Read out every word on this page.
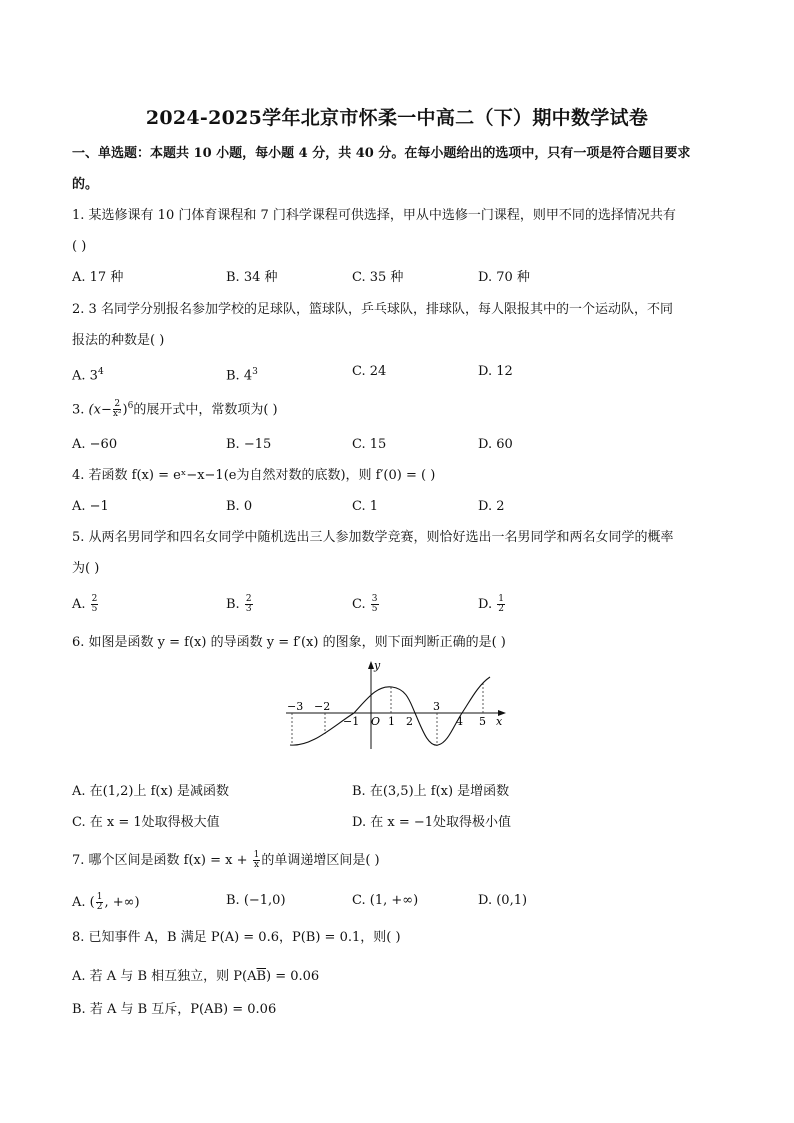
2024-2025学年北京市怀柔一中高二（下）期中数学试卷
一、单选题：本题共 10 小题，每小题 4 分，共 40 分。在每小题给出的选项中，只有一项是符合题目要求
的。
1. 某选修课有 10 门体育课程和 7 门科学课程可供选择，甲从中选修一门课程，则甲不同的选择情况共有
( )
A. 17 种	B. 34 种	C. 35 种	D. 70 种
2. 3 名同学分别报名参加学校的足球队，篮球队，乒乓球队，排球队，每人限报其中的一个运动队，不同
报法的种数是( )
A. $3^4$	B. $4^3$	C. 24	D. 12
3. $(x- \frac{2}{\text{x²}} )^6$的展开式中，常数项为( )
A. −60	B. −15	C. 15	D. 60
4. 若函数 f(x) = eˣ−x−1(e为自然对数的底数)，则 f′(0) = ( )
A. −1	B. 0	C. 1	D. 2
5. 从两名男同学和四名女同学中随机选出三人参加数学竞赛，则恰好选出一名男同学和两名女同学的概率
为( )
A. $\frac{2}{5}$	B. $\frac{2}{3}$	C. $\frac{3}{5}$	D. $\frac{1}{2}$
6. 如图是函数 y = f(x) 的导函数 y = f′(x) 的图象，则下面判断正确的是( )
y
x
O
−3 −2
−1	1 2
3
4 5
A. 在(1,2)上 f(x) 是减函数	B. 在(3,5)上 f(x) 是增函数
C. 在 x = 1处取得极大值	D. 在 x = −1处取得极小值
7. 哪个区间是函数 $f(x) = x + \frac{1}{x}$ 的单调递增区间是( )
A. ( $\frac{1}{2}$ , +∞)	B. (−1,0)	C. (1, +∞)	D. (0,1)
8. 已知事件 A，B 满足 P(A) = 0.6，P(B) = 0.1，则( )
A. 若 A 与 B 相互独立，则 $P(A\overline{B}) = 0.06$
B. 若 A 与 B 互斥，P(AB) = 0.06
